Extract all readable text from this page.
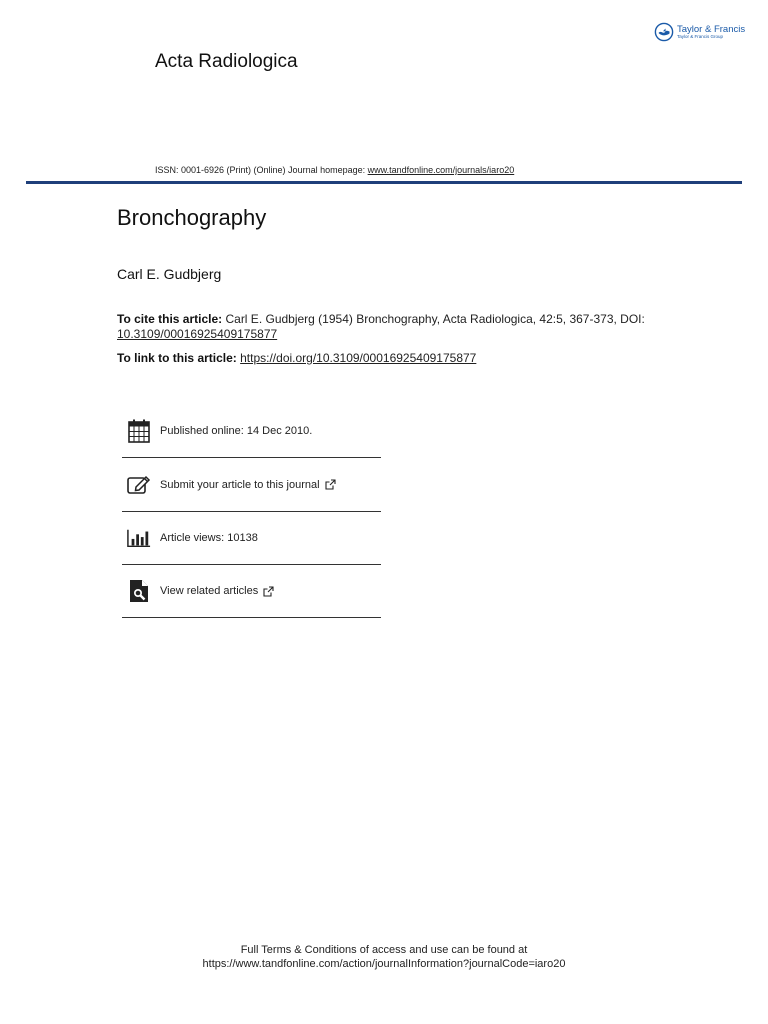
Taylor & Francis
Taylor & Francis Group
Acta Radiologica
ISSN: 0001-6926 (Print) (Online) Journal homepage: www.tandfonline.com/journals/iaro20
Bronchography
Carl E. Gudbjerg
To cite this article: Carl E. Gudbjerg (1954) Bronchography, Acta Radiologica, 42:5, 367-373, DOI: 10.3109/00016925409175877
To link to this article: https://doi.org/10.3109/00016925409175877
Published online: 14 Dec 2010.
Submit your article to this journal
Article views: 10138
View related articles
Full Terms & Conditions of access and use can be found at
https://www.tandfonline.com/action/journalInformation?journalCode=iaro20
